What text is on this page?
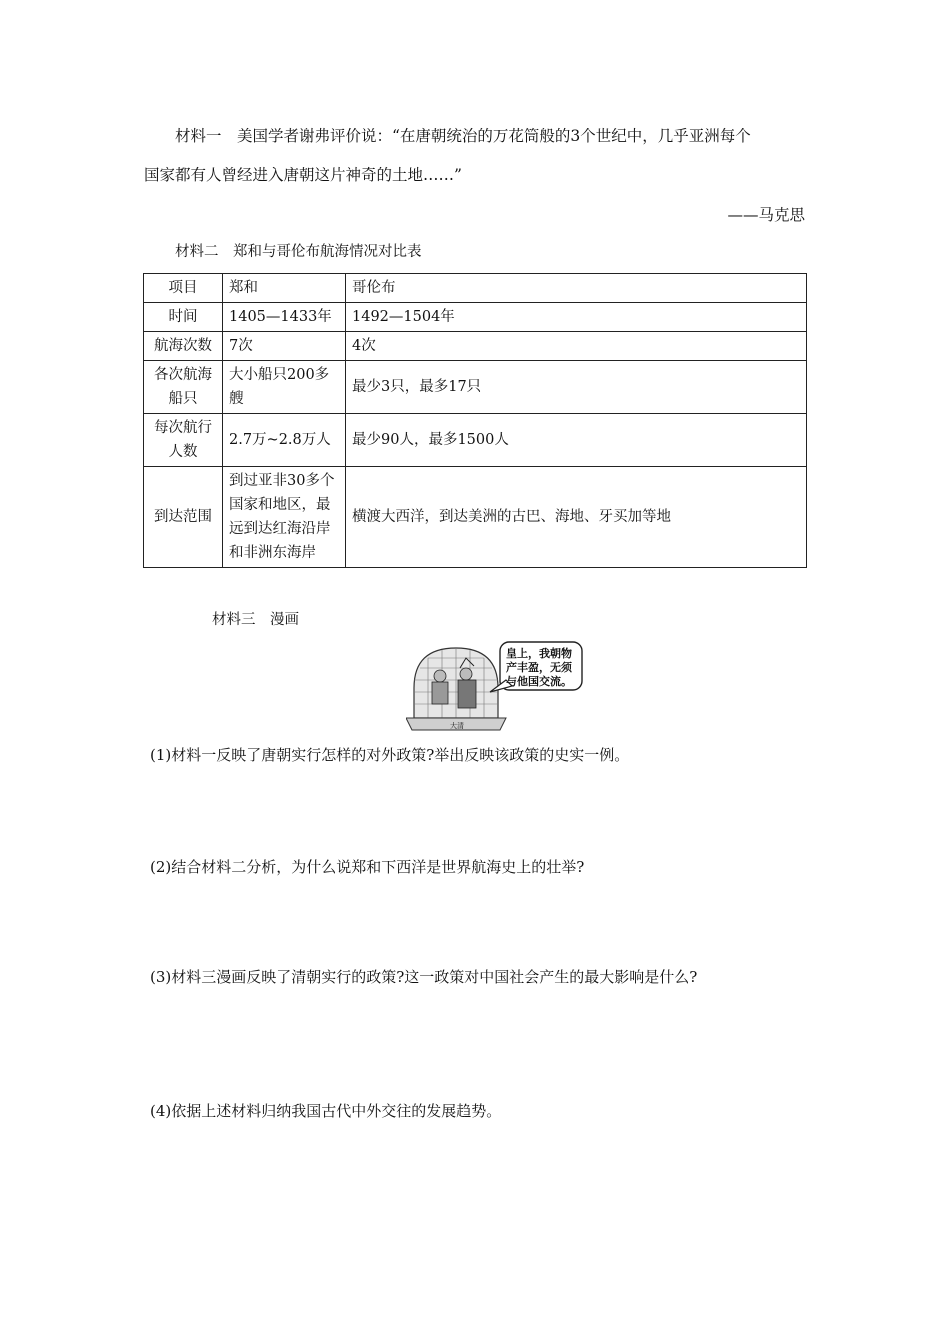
材料一　美国学者谢弗评价说：“在唐朝统治的万花筒般的3个世纪中，几乎亚洲每个
国家都有人曾经进入唐朝这片神奇的土地……”
——马克思
材料二　郑和与哥伦布航海情况对比表
项目	郑和	哥伦布
时间	1405—1433年	1492—1504年
航海次数	7次	4次
各次航海船只	大小船只200多艘	最少3只，最多17只
每次航行人数	2.7万~2.8万人	最少90人，最多1500人
到达范围	到过亚非30多个国家和地区，最远到达红海沿岸和非洲东海岸	横渡大西洋，到达美洲的古巴、海地、牙买加等地
材料三　漫画
大清
皇上，我朝物
产丰盈，无须
与他国交流。
(1)材料一反映了唐朝实行怎样的对外政策?举出反映该政策的史实一例。
(2)结合材料二分析，为什么说郑和下西洋是世界航海史上的壮举?
(3)材料三漫画反映了清朝实行的政策?这一政策对中国社会产生的最大影响是什么?
(4)依据上述材料归纳我国古代中外交往的发展趋势。
